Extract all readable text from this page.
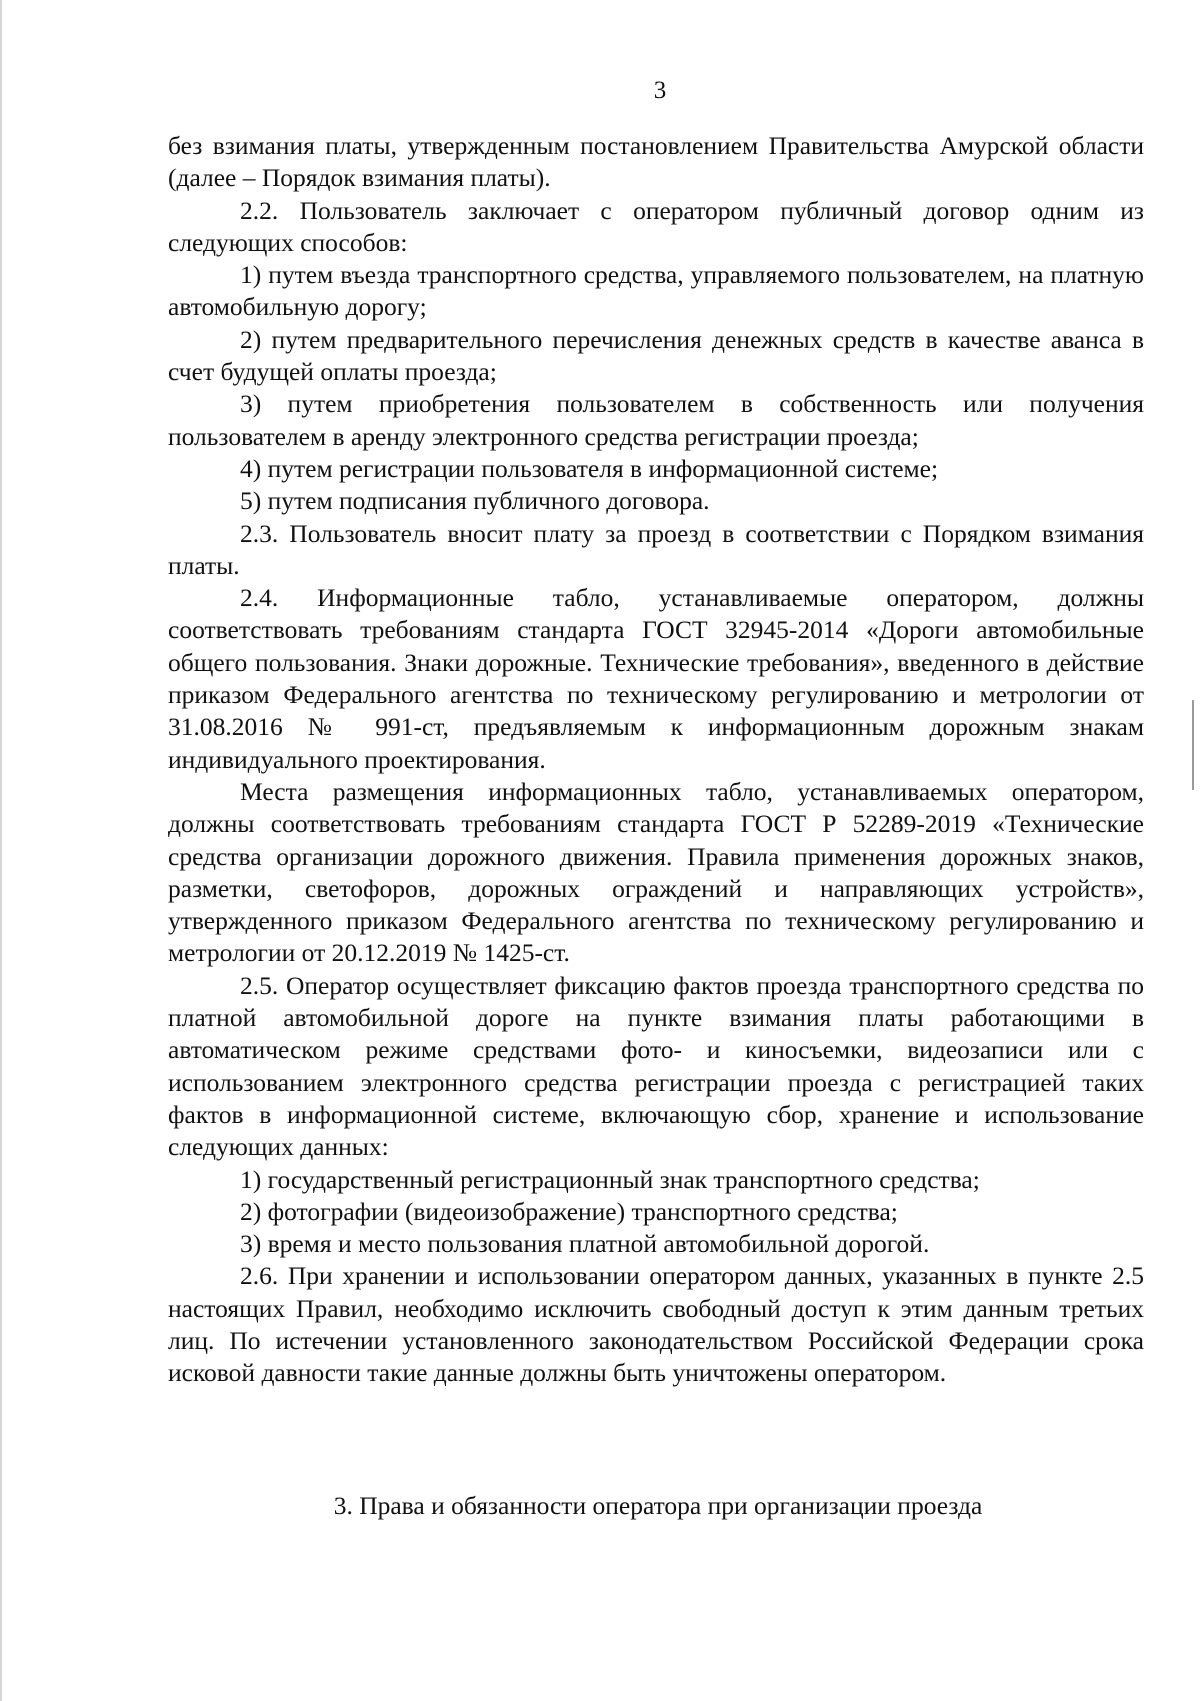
3

без взимания платы, утвержденным постановлением Правительства Амурской области (далее – Порядок взимания платы).

2.2. Пользователь заключает с оператором публичный договор одним из следующих способов:

1) путем въезда транспортного средства, управляемого пользователем, на платную автомобильную дорогу;

2) путем предварительного перечисления денежных средств в качестве аванса в счет будущей оплаты проезда;

3) путем приобретения пользователем в собственность или получения пользователем в аренду электронного средства регистрации проезда;

4) путем регистрации пользователя в информационной системе;

5) путем подписания публичного договора.

2.3. Пользователь вносит плату за проезд в соответствии с Порядком взимания платы.

2.4. Информационные табло, устанавливаемые оператором, должны соответствовать требованиям стандарта ГОСТ 32945-2014 «Дороги автомобильные общего пользования. Знаки дорожные. Технические требования», введенного в действие приказом Федерального агентства по техническому регулированию и метрологии от 31.08.2016 № 991-ст, предъявляемым к информационным дорожным знакам индивидуального проектирования.

Места размещения информационных табло, устанавливаемых оператором, должны соответствовать требованиям стандарта ГОСТ Р 52289-2019 «Технические средства организации дорожного движения. Правила применения дорожных знаков, разметки, светофоров, дорожных ограждений и направляющих устройств», утвержденного приказом Федерального агентства по техническому регулированию и метрологии от 20.12.2019 № 1425-ст.

2.5. Оператор осуществляет фиксацию фактов проезда транспортного средства по платной автомобильной дороге на пункте взимания платы работающими в автоматическом режиме средствами фото- и киносъемки, видеозаписи или с использованием электронного средства регистрации проезда с регистрацией таких фактов в информационной системе, включающую сбор, хранение и использование следующих данных:

1) государственный регистрационный знак транспортного средства;

2) фотографии (видеоизображение) транспортного средства;

3) время и место пользования платной автомобильной дорогой.

2.6. При хранении и использовании оператором данных, указанных в пункте 2.5 настоящих Правил, необходимо исключить свободный доступ к этим данным третьих лиц. По истечении установленного законодательством Российской Федерации срока исковой давности такие данные должны быть уничтожены оператором.

3. Права и обязанности оператора при организации проезда
